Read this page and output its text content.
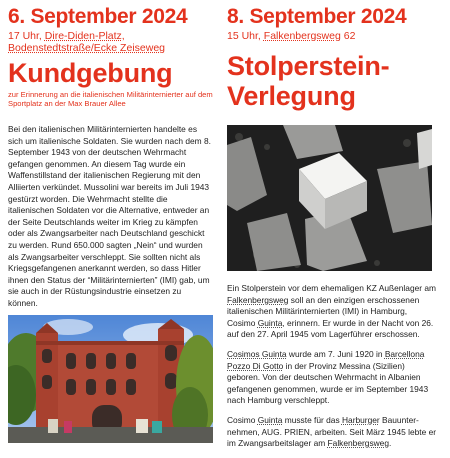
6. September 2024
17 Uhr, Dire-Diden-Platz,
Bodenstedtstraße/Ecke Zeiseweg
Kundgebung
zur Erinnerung an die italienischen Militärinternierter auf dem Sportplatz an der Max Brauer Allee

Bei den italienischen Militärinternierten handelte es sich um italienische Soldaten. Sie wurden nach dem 8. September 1943 von der deutschen Wehrmacht gefangen genommen. An diesem Tag wurde ein Waffenstillstand der italienischen Regierung mit den Alliierten verkündet. Mussolini war bereits im Juli 1943 gestürzt worden. Die Wehrmacht stellte die italienischen Soldaten vor die Alternative, entweder an der Seite Deutschlands weiter im Krieg zu kämpfen oder als Zwangsarbeiter nach Deutschland geschickt zu werden. Rund 650.000 sagten „Nein“ und wurden als Zwangsarbeiter verschleppt. Sie sollten nicht als Kriegsgefangenen anerkannt werden, so dass Hitler ihnen den Status der “Militärinternierten” (IMI) gab, um sie auch in der Rüstungsindustrie einsetzen zu können.

8. September 2024
15 Uhr, Falkenbergsweg 62
Stolperstein-
Verlegung

Ein Stolperstein vor dem ehemaligen KZ Außenlager am Falkenbergsweg soll an den einzigen erschossenen italienischen Militärinternierten (IMI) in Hamburg, Cosimo Guinta, erinnern. Er wurde in der Nacht von 26. auf den 27. April 1945 vom Lagerführer erschossen.

Cosimos Guinta wurde am 7. Juni 1920 in Barcellona Pozzo Di Gotto in der Provinz Messina (Sizilien) geboren. Von der deutschen Wehrmacht in Albanien gefangenen genommen, wurde er im September 1943 nach Hamburg verschleppt.

Cosimo Guinta musste für das Harburger Bauunter-nehmen, AUG. PRIEN, arbeiten. Seit März 1945 lebte er im Zwangsarbeitslager am Falkenbergsweg.
